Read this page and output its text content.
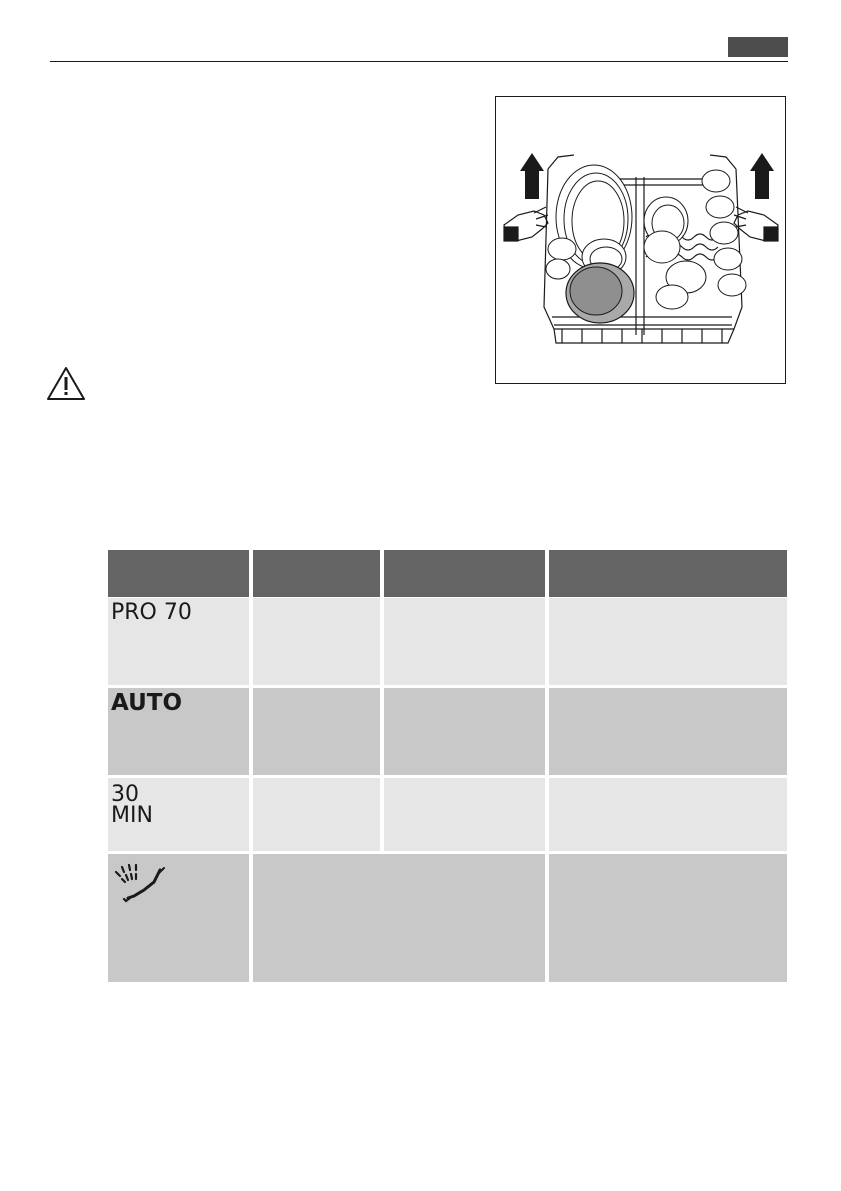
PRO 70
AUTO
30
MIN
